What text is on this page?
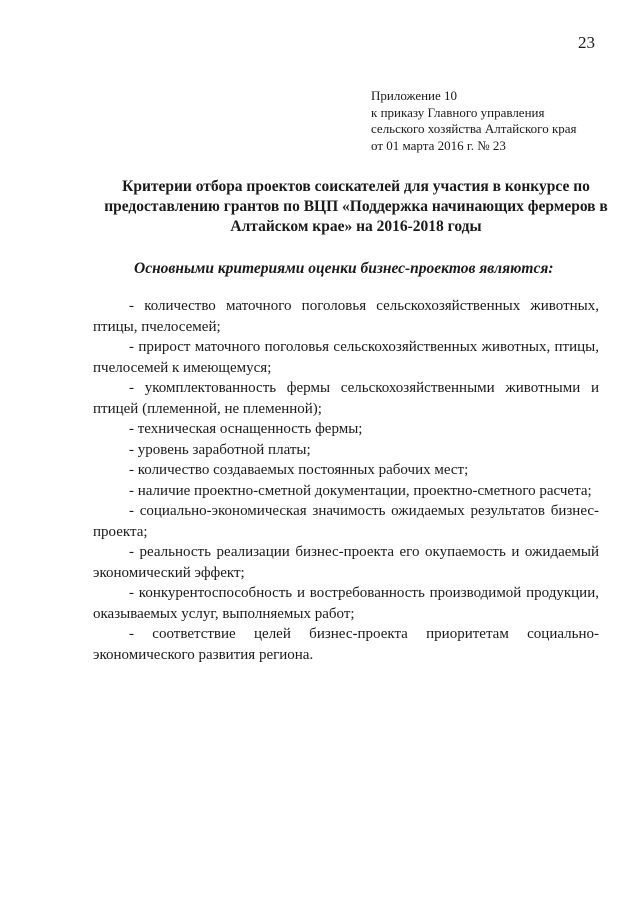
23
Приложение 10
к приказу Главного управления
сельского хозяйства Алтайского края
от 01 марта 2016 г. № 23
Критерии отбора проектов соискателей для участия в конкурсе по
предоставлению грантов по ВЦП «Поддержка начинающих фермеров в
Алтайском крае» на 2016-2018 годы
Основными критериями оценки бизнес-проектов являются:
- количество маточного поголовья сельскохозяйственных животных, птицы, пчелосемей;
- прирост маточного поголовья сельскохозяйственных животных, птицы, пчелосемей к имеющемуся;
- укомплектованность фермы сельскохозяйственными животными и птицей (племенной, не племенной);
- техническая оснащенность фермы;
- уровень заработной платы;
- количество создаваемых постоянных рабочих мест;
- наличие проектно-сметной документации, проектно-сметного расчета;
- социально-экономическая значимость ожидаемых результатов бизнес-проекта;
- реальность реализации бизнес-проекта его окупаемость и ожидаемый экономический эффект;
- конкурентоспособность и востребованность производимой продукции, оказываемых услуг, выполняемых работ;
- соответствие целей бизнес-проекта приоритетам социально-экономического развития региона.
